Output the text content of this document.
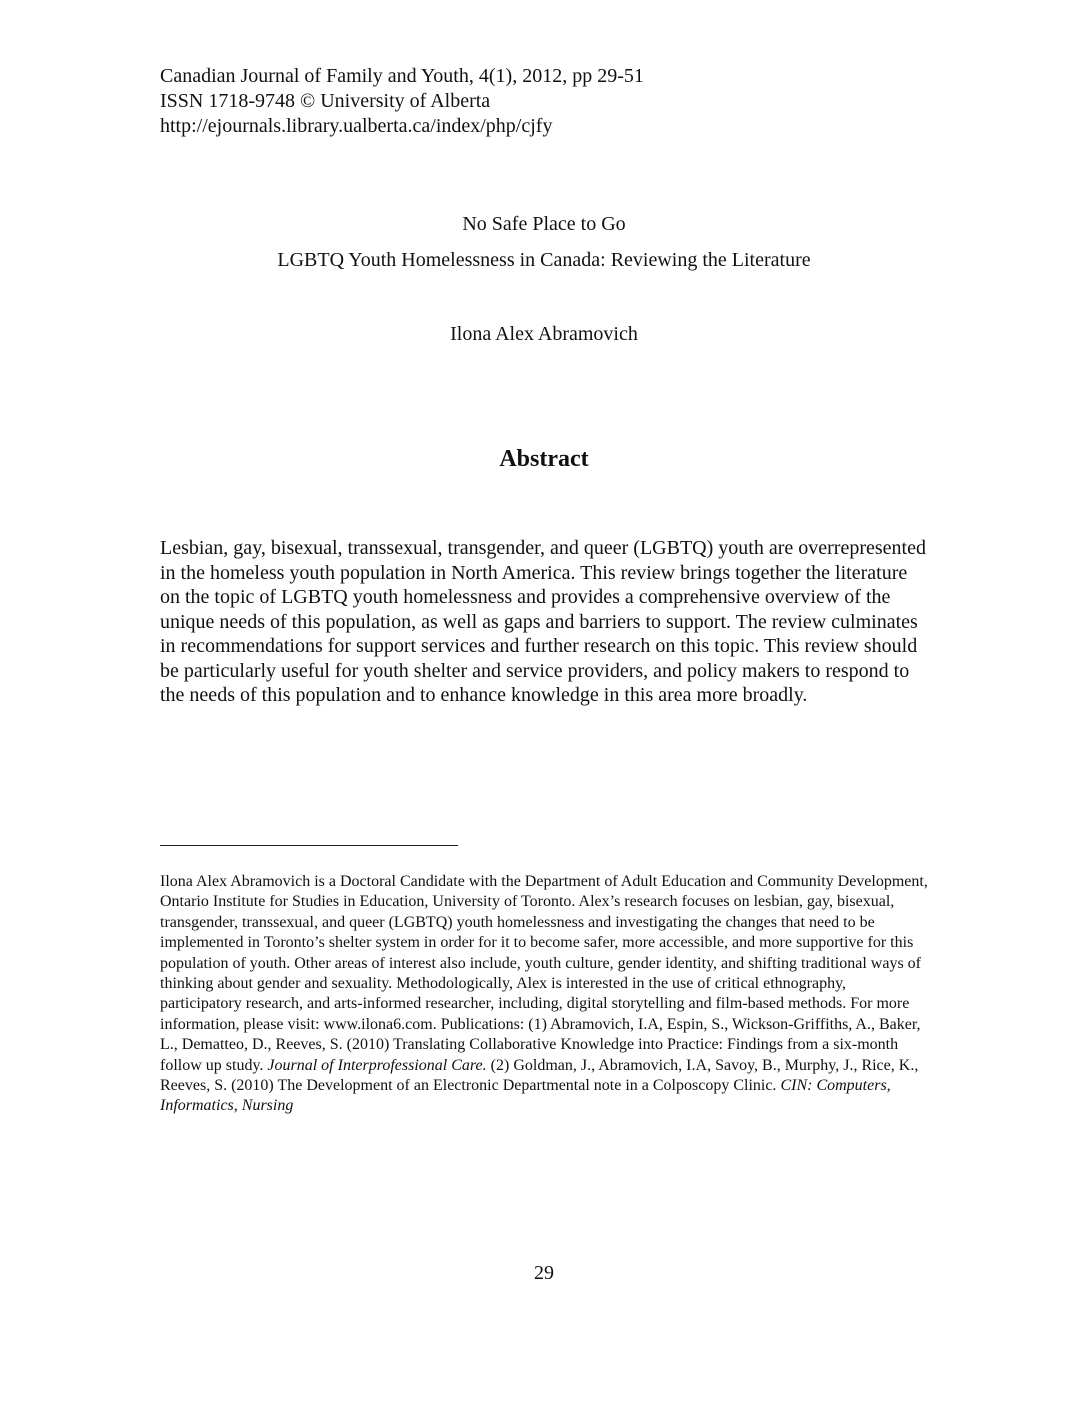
Canadian Journal of Family and Youth, 4(1), 2012, pp 29-51
ISSN 1718-9748 © University of Alberta
http://ejournals.library.ualberta.ca/index/php/cjfy
No Safe Place to Go
LGBTQ Youth Homelessness in Canada: Reviewing the Literature
Ilona Alex Abramovich
Abstract
Lesbian, gay, bisexual, transsexual, transgender, and queer (LGBTQ) youth are overrepresented in the homeless youth population in North America. This review brings together the literature on the topic of LGBTQ youth homelessness and provides a comprehensive overview of the unique needs of this population, as well as gaps and barriers to support. The review culminates in recommendations for support services and further research on this topic. This review should be particularly useful for youth shelter and service providers, and policy makers to respond to the needs of this population and to enhance knowledge in this area more broadly.
Ilona Alex Abramovich is a Doctoral Candidate with the Department of Adult Education and Community Development, Ontario Institute for Studies in Education, University of Toronto. Alex’s research focuses on lesbian, gay, bisexual, transgender, transsexual, and queer (LGBTQ) youth homelessness and investigating the changes that need to be implemented in Toronto’s shelter system in order for it to become safer, more accessible, and more supportive for this population of youth. Other areas of interest also include, youth culture, gender identity, and shifting traditional ways of thinking about gender and sexuality. Methodologically, Alex is interested in the use of critical ethnography, participatory research, and arts-informed researcher, including, digital storytelling and film-based methods. For more information, please visit: www.ilona6.com. Publications: (1) Abramovich, I.A, Espin, S., Wickson-Griffiths, A., Baker, L., Dematteo, D., Reeves, S. (2010) Translating Collaborative Knowledge into Practice: Findings from a six-month follow up study. Journal of Interprofessional Care. (2) Goldman, J., Abramovich, I.A, Savoy, B., Murphy, J., Rice, K., Reeves, S. (2010) The Development of an Electronic Departmental note in a Colposcopy Clinic. CIN: Computers, Informatics, Nursing
29
